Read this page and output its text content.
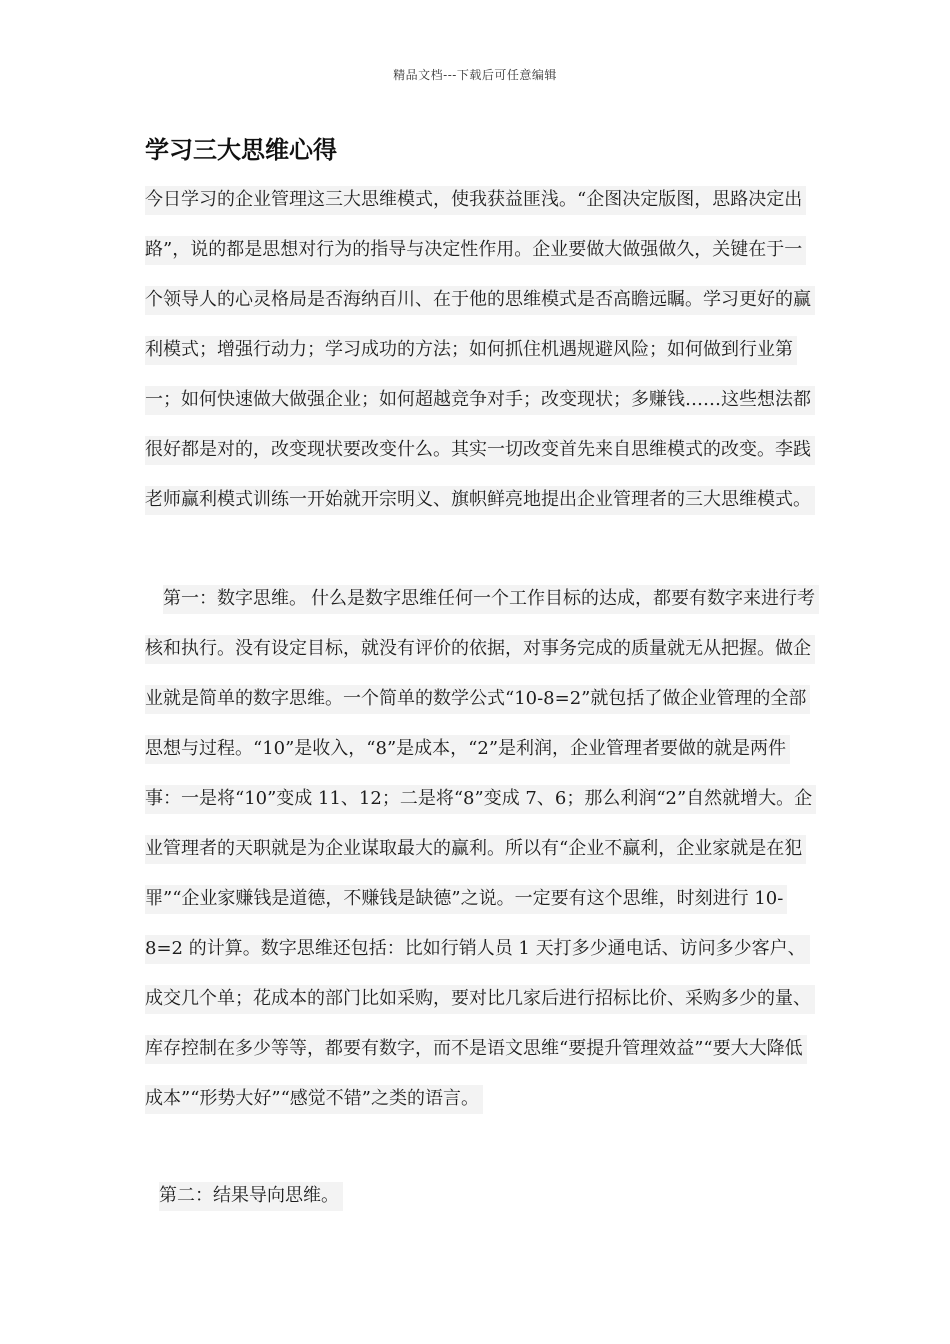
精品文档---下载后可任意编辑
学习三大思维心得
今日学习的企业管理这三大思维模式，使我获益匪浅。“企图决定版图，思路决定出路”，说的都是思想对行为的指导与决定性作用。企业要做大做强做久，关键在于一个领导人的心灵格局是否海纳百川、在于他的思维模式是否高瞻远瞩。学习更好的赢利模式；增强行动力；学习成功的方法；如何抓住机遇规避风险；如何做到行业第一；如何快速做大做强企业；如何超越竞争对手；改变现状；多赚钱……这些想法都很好都是对的，改变现状要改变什么。其实一切改变首先来自思维模式的改变。李践老师赢利模式训练一开始就开宗明义、旗帜鲜亮地提出企业管理者的三大思维模式。
第一：数字思维。 什么是数字思维任何一个工作目标的达成，都要有数字来进行考核和执行。没有设定目标，就没有评价的依据，对事务完成的质量就无从把握。做企业就是简单的数字思维。一个简单的数学公式“10-8=2”就包括了做企业管理的全部思想与过程。“10”是收入，“8”是成本，“2”是利润，企业管理者要做的就是两件事：一是将“10”变成 11、12；二是将“8”变成 7、6；那么利润“2”自然就增大。企业管理者的天职就是为企业谋取最大的赢利。所以有“企业不赢利，企业家就是在犯罪”“企业家赚钱是道德，不赚钱是缺德”之说。一定要有这个思维，时刻进行 10-8=2 的计算。数字思维还包括：比如行销人员 1 天打多少通电话、访问多少客户、成交几个单；花成本的部门比如采购，要对比几家后进行招标比价、采购多少的量、库存控制在多少等等，都要有数字，而不是语文思维“要提升管理效益”“要大大降低成本”“形势大好”“感觉不错”之类的语言。
第二：结果导向思维。
